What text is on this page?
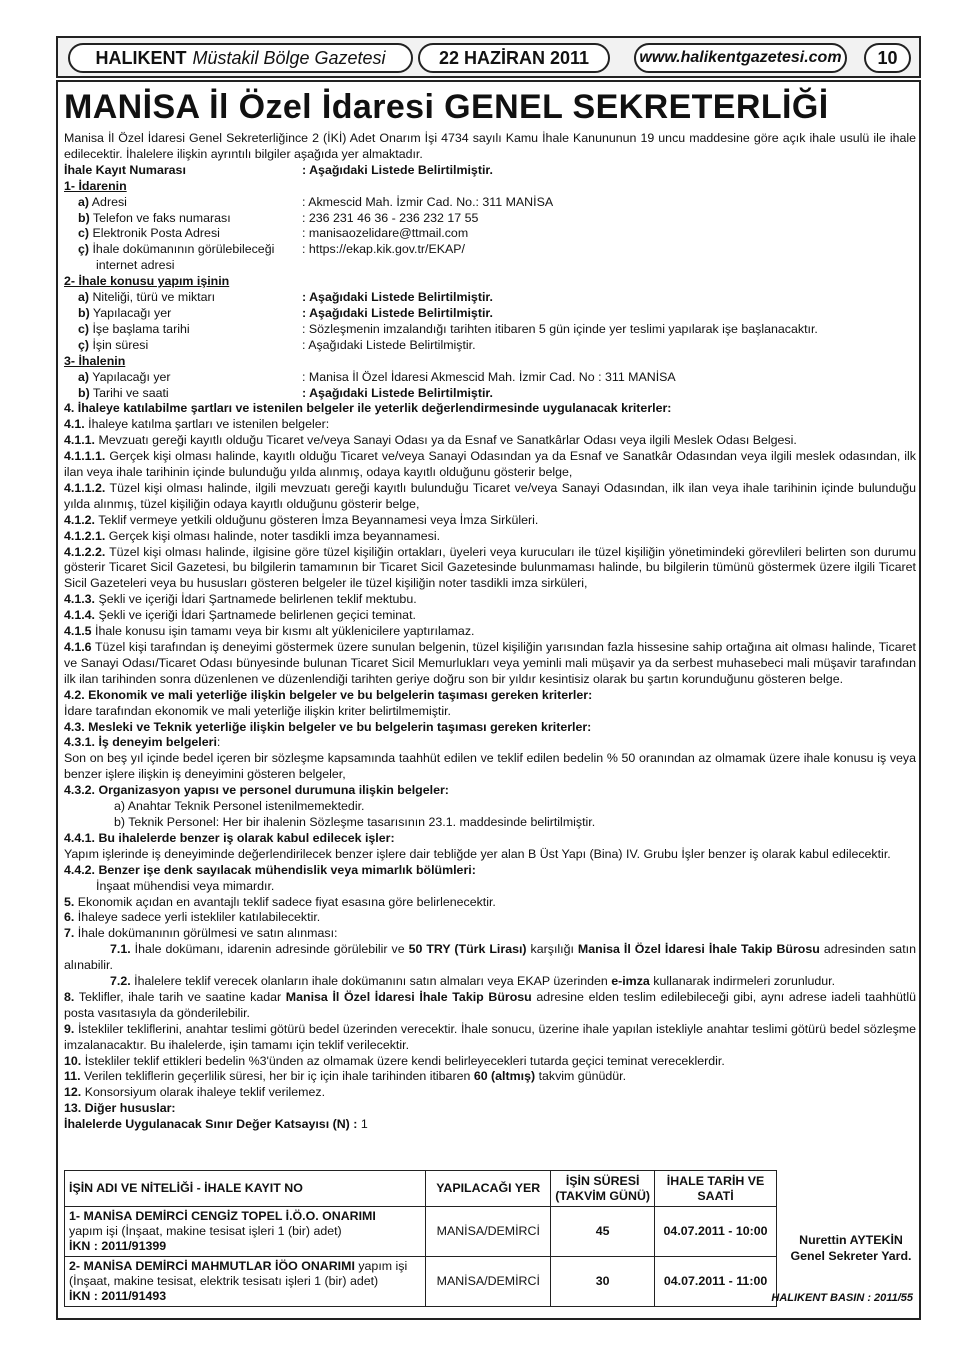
HALIKENT Müstakil Bölge Gazetesi	22 HAZİRAN 2011	www.halikentgazetesi.com	10
MANİSA İl Özel İdaresi GENEL SEKRETERLİĞİ

Manisa İl Özel İdaresi Genel Sekreterliğince 2 (İKİ) Adet Onarım İşi 4734 sayılı Kamu İhale Kanununun 19 uncu maddesine göre açık ihale usulü ile ihale edilecektir. İhalelere ilişkin ayrıntılı bilgiler aşağıda yer almaktadır.

İhale Kayıt Numarası	: Aşağıdaki Listede Belirtilmiştir.

1- İdarenin

a) Adresi	: Akmescid Mah. İzmir Cad. No.: 311 MANİSA
b) Telefon ve faks numarası	: 236 231 46 36 - 236 232 17 55
c) Elektronik Posta Adresi	: manisaozelidare@ttmail.com
ç) İhale dokümanının görülebileceği	: https://ekap.kik.gov.tr/EKAP/

internet adresi

2- İhale konusu yapım işinin

a) Niteliği, türü ve miktarı	: Aşağıdaki Listede Belirtilmiştir.
b) Yapılacağı yer	: Aşağıdaki Listede Belirtilmiştir.
c) İşe başlama tarihi	: Sözleşmenin imzalandığı tarihten itibaren 5 gün içinde yer teslimi yapılarak işe başlanacaktır.
ç) İşin süresi	: Aşağıdaki Listede Belirtilmiştir.

3- İhalenin

a) Yapılacağı yer	: Manisa İl Özel İdaresi Akmescid Mah. İzmir Cad. No : 311 MANİSA
b) Tarihi ve saati	: Aşağıdaki Listede Belirtilmiştir.

4. İhaleye katılabilme şartları ve istenilen belgeler ile yeterlik değerlendirmesinde uygulanacak kriterler:

4.1. İhaleye katılma şartları ve istenilen belgeler:

4.1.1. Mevzuatı gereği kayıtlı olduğu Ticaret ve/veya Sanayi Odası ya da Esnaf ve Sanatkârlar Odası veya ilgili Meslek Odası Belgesi.

4.1.1.1. Gerçek kişi olması halinde, kayıtlı olduğu Ticaret ve/veya Sanayi Odasından ya da Esnaf ve Sanatkâr Odasından veya ilgili meslek odasından, ilk ilan veya ihale tarihinin içinde bulunduğu yılda alınmış, odaya kayıtlı olduğunu gösterir belge,

4.1.1.2. Tüzel kişi olması halinde, ilgili mevzuatı gereği kayıtlı bulunduğu Ticaret ve/veya Sanayi Odasından, ilk ilan veya ihale tarihinin içinde bulunduğu yılda alınmış, tüzel kişiliğin odaya kayıtlı olduğunu gösterir belge,

4.1.2. Teklif vermeye yetkili olduğunu gösteren İmza Beyannamesi veya İmza Sirküleri.

4.1.2.1. Gerçek kişi olması halinde, noter tasdikli imza beyannamesi.

4.1.2.2. Tüzel kişi olması halinde, ilgisine göre tüzel kişiliğin ortakları, üyeleri veya kurucuları ile tüzel kişiliğin yönetimindeki görevlileri belirten son durumu gösterir Ticaret Sicil Gazetesi, bu bilgilerin tamamının bir Ticaret Sicil Gazetesinde bulunmaması halinde, bu bilgilerin tümünü göstermek üzere ilgili Ticaret Sicil Gazeteleri veya bu hususları gösteren belgeler ile tüzel kişiliğin noter tasdikli imza sirküleri,

4.1.3. Şekli ve içeriği İdari Şartnamede belirlenen teklif mektubu.

4.1.4. Şekli ve içeriği İdari Şartnamede belirlenen geçici teminat.

4.1.5 İhale konusu işin tamamı veya bir kısmı alt yüklenicilere yaptırılamaz.

4.1.6 Tüzel kişi tarafından iş deneyimi göstermek üzere sunulan belgenin, tüzel kişiliğin yarısından fazla hissesine sahip ortağına ait olması halinde, Ticaret ve Sanayi Odası/Ticaret Odası bünyesinde bulunan Ticaret Sicil Memurlukları veya yeminli mali müşavir ya da serbest muhasebeci mali müşavir tarafından ilk ilan tarihinden sonra düzenlenen ve düzenlendiği tarihten geriye doğru son bir yıldır kesintisiz olarak bu şartın korunduğunu gösteren belge.

4.2. Ekonomik ve mali yeterliğe ilişkin belgeler ve bu belgelerin taşıması gereken kriterler:

İdare tarafından ekonomik ve mali yeterliğe ilişkin kriter belirtilmemiştir.

4.3. Mesleki ve Teknik yeterliğe ilişkin belgeler ve bu belgelerin taşıması gereken kriterler:

4.3.1. İş deneyim belgeleri:

Son on beş yıl içinde bedel içeren bir sözleşme kapsamında taahhüt edilen ve teklif edilen bedelin % 50 oranından az olmamak üzere ihale konusu iş veya benzer işlere ilişkin iş deneyimini gösteren belgeler,

4.3.2. Organizasyon yapısı ve personel durumuna ilişkin belgeler:

a) Anahtar Teknik Personel istenilmemektedir.

b) Teknik Personel: Her bir ihalenin Sözleşme tasarısının 23.1. maddesinde belirtilmiştir.

4.4.1. Bu ihalelerde benzer iş olarak kabul edilecek işler:

Yapım işlerinde iş deneyiminde değerlendirilecek benzer işlere dair tebliğde yer alan B Üst Yapı (Bina) IV. Grubu İşler benzer iş olarak kabul edilecektir.

4.4.2. Benzer işe denk sayılacak mühendislik veya mimarlık bölümleri:

İnşaat mühendisi veya mimardır.

5. Ekonomik açıdan en avantajlı teklif sadece fiyat esasına göre belirlenecektir.

6. İhaleye sadece yerli istekliler katılabilecektir.

7. İhale dokümanının görülmesi ve satın alınması:

7.1. İhale dokümanı, idarenin adresinde görülebilir ve 50 TRY (Türk Lirası) karşılığı Manisa İl Özel İdaresi İhale Takip Bürosu adresinden satın alınabilir.

7.2. İhalelere teklif verecek olanların ihale dokümanını satın almaları veya EKAP üzerinden e-imza kullanarak indirmeleri zorunludur.

8. Teklifler, ihale tarih ve saatine kadar Manisa İl Özel İdaresi İhale Takip Bürosu adresine elden teslim edilebileceği gibi, aynı adrese iadeli taahhütlü posta vasıtasıyla da gönderilebilir.

9. İstekliler tekliflerini, anahtar teslimi götürü bedel üzerinden verecektir. İhale sonucu, üzerine ihale yapılan istekliyle anahtar teslimi götürü bedel sözleşme imzalanacaktır. Bu ihalelerde, işin tamamı için teklif verilecektir.

10. İstekliler teklif ettikleri bedelin %3'ünden az olmamak üzere kendi belirleyecekleri tutarda geçici teminat vereceklerdir.

11. Verilen tekliflerin geçerlilik süresi, her bir iç için ihale tarihinden itibaren 60 (altmış) takvim günüdür.

12. Konsorsiyum olarak ihaleye teklif verilemez.

13. Diğer hususlar:

İhalelerde Uygulanacak Sınır Değer Katsayısı (N) : 1

İŞİN ADI VE NİTELİĞİ - İHALE KAYIT NO	YAPILACAĞI YER	İŞİN SÜRESİ (TAKVİM GÜNÜ)	İHALE TARİH VE SAATİ
1- MANİSA DEMİRCİ CENGİZ TOPEL İ.Ö.O. ONARIMI
yapım işi (İnşaat, makine tesisat işleri 1 (bir) adet)
İKN : 2011/91399	MANİSA/DEMİRCİ	45	04.07.2011 - 10:00
2- MANİSA DEMİRCİ MAHMUTLAR İÖO ONARIMI yapım işi (İnşaat, makine tesisat, elektrik tesisatı işleri 1 (bir) adet)
İKN : 2011/91493	MANİSA/DEMİRCİ	30	04.07.2011 - 11:00
Nurettin AYTEKİN
Genel Sekreter Yard.
HALIKENT BASIN : 2011/55
